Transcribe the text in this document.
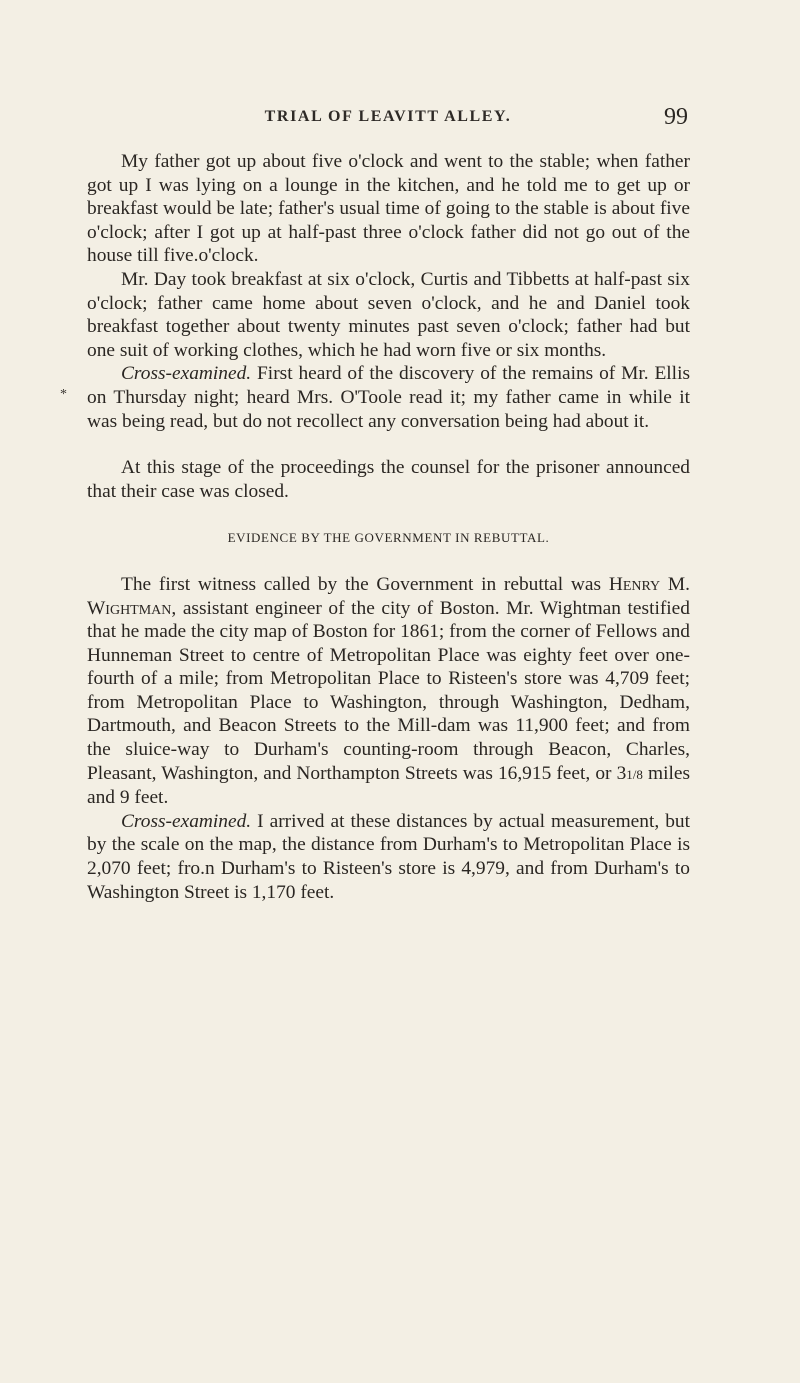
TRIAL OF LEAVITT ALLEY.	99
*

My father got up about five o'clock and went to the stable; when father got up I was lying on a lounge in the kitchen, and he told me to get up or breakfast would be late; father's usual time of going to the stable is about five o'clock; after I got up at half-past three o'clock father did not go out of the house till five.o'clock.

Mr. Day took breakfast at six o'clock, Curtis and Tibbetts at half-past six o'clock; father came home about seven o'clock, and he and Daniel took breakfast together about twenty minutes past seven o'clock; father had but one suit of working clothes, which he had worn five or six months.

Cross-examined. First heard of the discovery of the remains of Mr. Ellis on Thursday night; heard Mrs. O'Toole read it; my father came in while it was being read, but do not recollect any conversation being had about it.

At this stage of the proceedings the counsel for the prisoner announced that their case was closed.

EVIDENCE BY THE GOVERNMENT IN REBUTTAL.

The first witness called by the Government in rebuttal was Henry M. Wightman, assistant engineer of the city of Boston. Mr. Wightman testified that he made the city map of Boston for 1861; from the corner of Fellows and Hunneman Street to centre of Metropolitan Place was eighty feet over one-fourth of a mile; from Metropolitan Place to Risteen's store was 4,709 feet; from Metropolitan Place to Washington, through Washington, Dedham, Dartmouth, and Beacon Streets to the Mill-dam was 11,900 feet; and from the sluice-way to Durham's counting-room through Beacon, Charles, Pleasant, Washington, and Northampton Streets was 16,915 feet, or 31/8 miles and 9 feet.

Cross-examined. I arrived at these distances by actual measurement, but by the scale on the map, the distance from Durham's to Metropolitan Place is 2,070 feet; fro.n Durham's to Risteen's store is 4,979, and from Durham's to Washington Street is 1,170 feet.
